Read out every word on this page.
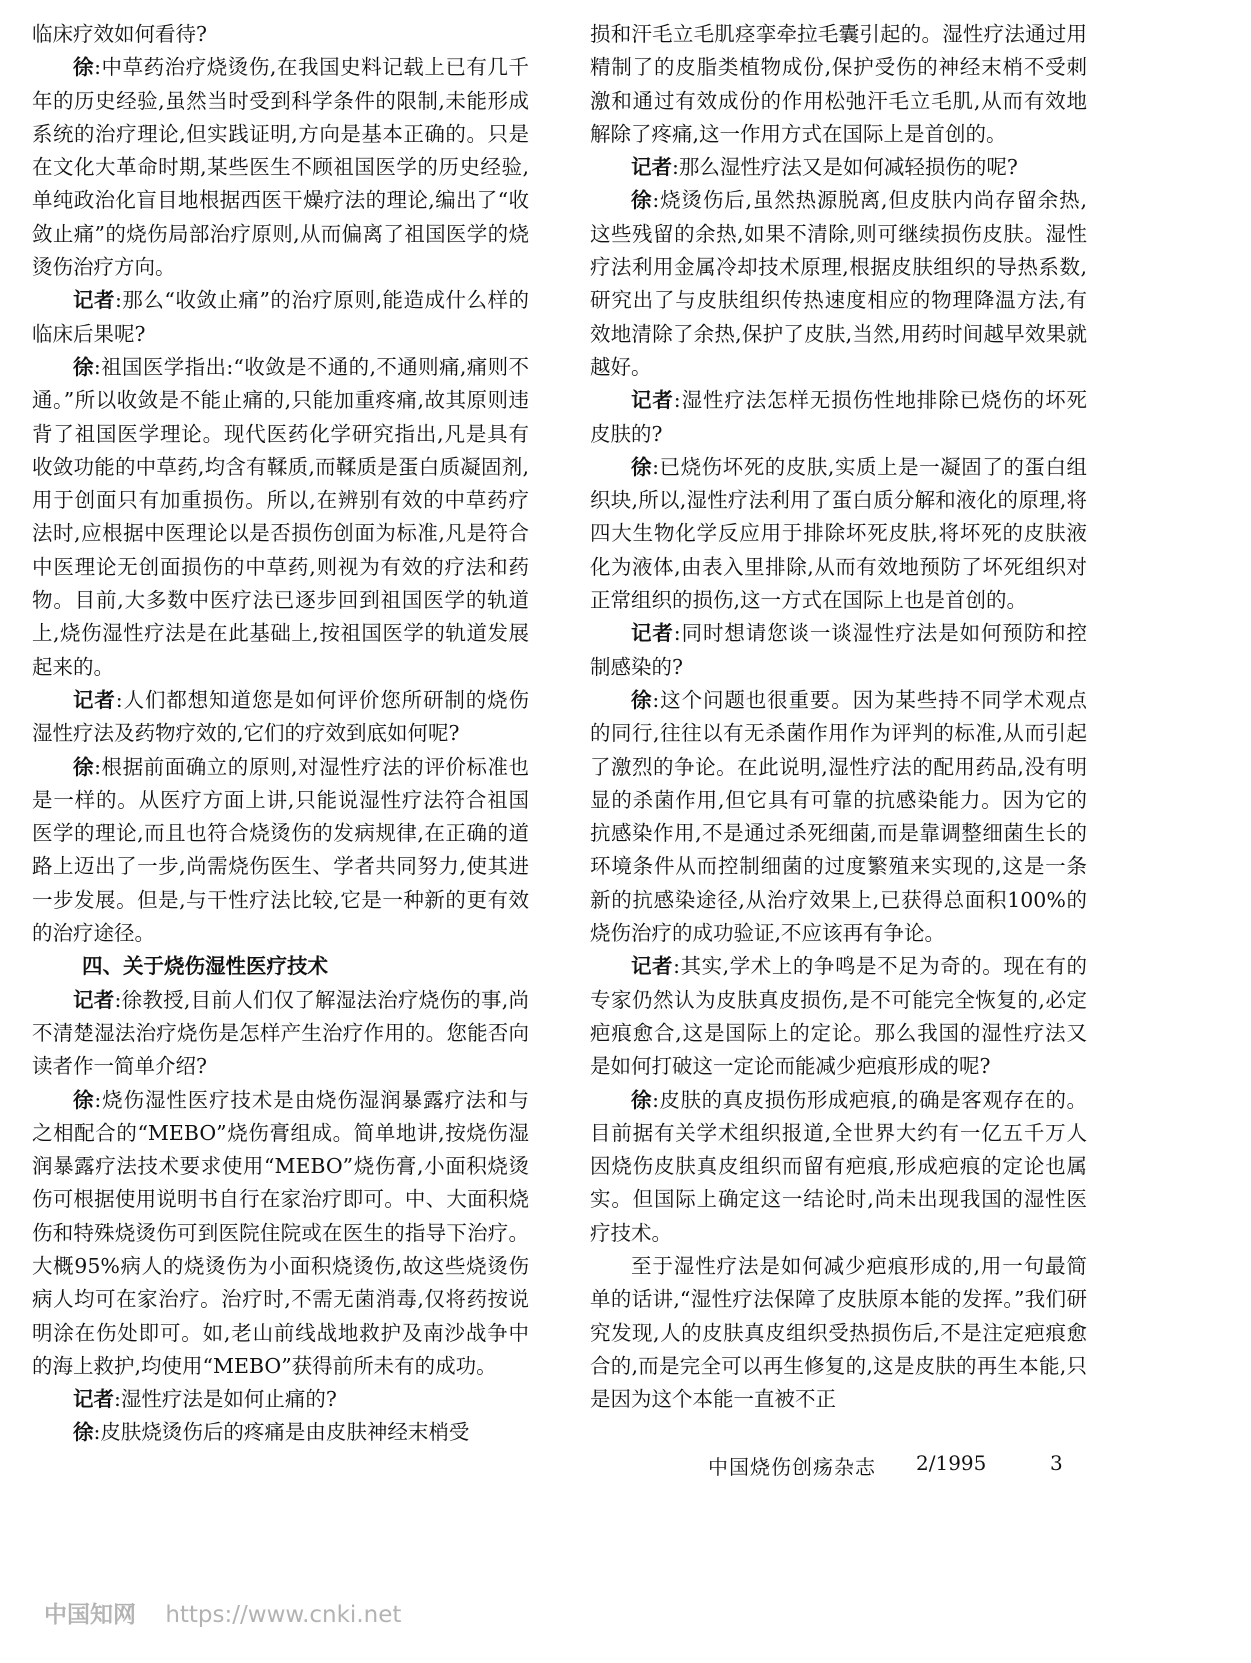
临床疗效如何看待?

徐:中草药治疗烧烫伤,在我国史料记载上已有几千年的历史经验,虽然当时受到科学条件的限制,未能形成系统的治疗理论,但实践证明,方向是基本正确的。只是在文化大革命时期,某些医生不顾祖国医学的历史经验,单纯政治化盲目地根据西医干燥疗法的理论,编出了“收敛止痛”的烧伤局部治疗原则,从而偏离了祖国医学的烧烫伤治疗方向。

记者:那么“收敛止痛”的治疗原则,能造成什么样的临床后果呢?

徐:祖国医学指出:“收敛是不通的,不通则痛,痛则不通。”所以收敛是不能止痛的,只能加重疼痛,故其原则违背了祖国医学理论。现代医药化学研究指出,凡是具有收敛功能的中草药,均含有鞣质,而鞣质是蛋白质凝固剂,用于创面只有加重损伤。所以,在辨别有效的中草药疗法时,应根据中医理论以是否损伤创面为标准,凡是符合中医理论无创面损伤的中草药,则视为有效的疗法和药物。目前,大多数中医疗法已逐步回到祖国医学的轨道上,烧伤湿性疗法是在此基础上,按祖国医学的轨道发展起来的。

记者:人们都想知道您是如何评价您所研制的烧伤湿性疗法及药物疗效的,它们的疗效到底如何呢?

徐:根据前面确立的原则,对湿性疗法的评价标准也是一样的。从医疗方面上讲,只能说湿性疗法符合祖国医学的理论,而且也符合烧烫伤的发病规律,在正确的道路上迈出了一步,尚需烧伤医生、学者共同努力,使其进一步发展。但是,与干性疗法比较,它是一种新的更有效的治疗途径。

四、关于烧伤湿性医疗技术

记者:徐教授,目前人们仅了解湿法治疗烧伤的事,尚不清楚湿法治疗烧伤是怎样产生治疗作用的。您能否向读者作一简单介绍?

徐:烧伤湿性医疗技术是由烧伤湿润暴露疗法和与之相配合的“MEBO”烧伤膏组成。简单地讲,按烧伤湿润暴露疗法技术要求使用“MEBO”烧伤膏,小面积烧烫伤可根据使用说明书自行在家治疗即可。中、大面积烧伤和特殊烧烫伤可到医院住院或在医生的指导下治疗。大概95%病人的烧烫伤为小面积烧烫伤,故这些烧烫伤病人均可在家治疗。治疗时,不需无菌消毒,仅将药按说明涂在伤处即可。如,老山前线战地救护及南沙战争中的海上救护,均使用“MEBO”获得前所未有的成功。

记者:湿性疗法是如何止痛的?

徐:皮肤烧烫伤后的疼痛是由皮肤神经末梢受

损和汗毛立毛肌痉挛牵拉毛囊引起的。湿性疗法通过用精制了的皮脂类植物成份,保护受伤的神经末梢不受刺激和通过有效成份的作用松弛汗毛立毛肌,从而有效地解除了疼痛,这一作用方式在国际上是首创的。

记者:那么湿性疗法又是如何减轻损伤的呢?

徐:烧烫伤后,虽然热源脱离,但皮肤内尚存留余热,这些残留的余热,如果不清除,则可继续损伤皮肤。湿性疗法利用金属冷却技术原理,根据皮肤组织的导热系数,研究出了与皮肤组织传热速度相应的物理降温方法,有效地清除了余热,保护了皮肤,当然,用药时间越早效果就越好。

记者:湿性疗法怎样无损伤性地排除已烧伤的坏死皮肤的?

徐:已烧伤坏死的皮肤,实质上是一凝固了的蛋白组织块,所以,湿性疗法利用了蛋白质分解和液化的原理,将四大生物化学反应用于排除坏死皮肤,将坏死的皮肤液化为液体,由表入里排除,从而有效地预防了坏死组织对正常组织的损伤,这一方式在国际上也是首创的。

记者:同时想请您谈一谈湿性疗法是如何预防和控制感染的?

徐:这个问题也很重要。因为某些持不同学术观点的同行,往往以有无杀菌作用作为评判的标准,从而引起了激烈的争论。在此说明,湿性疗法的配用药品,没有明显的杀菌作用,但它具有可靠的抗感染能力。因为它的抗感染作用,不是通过杀死细菌,而是靠调整细菌生长的环境条件从而控制细菌的过度繁殖来实现的,这是一条新的抗感染途径,从治疗效果上,已获得总面积100%的烧伤治疗的成功验证,不应该再有争论。

记者:其实,学术上的争鸣是不足为奇的。现在有的专家仍然认为皮肤真皮损伤,是不可能完全恢复的,必定疤痕愈合,这是国际上的定论。那么我国的湿性疗法又是如何打破这一定论而能减少疤痕形成的呢?

徐:皮肤的真皮损伤形成疤痕,的确是客观存在的。目前据有关学术组织报道,全世界大约有一亿五千万人因烧伤皮肤真皮组织而留有疤痕,形成疤痕的定论也属实。但国际上确定这一结论时,尚未出现我国的湿性医疗技术。

至于湿性疗法是如何减少疤痕形成的,用一句最简单的话讲,“湿性疗法保障了皮肤原本能的发挥。”我们研究发现,人的皮肤真皮组织受热损伤后,不是注定疤痕愈合的,而是完全可以再生修复的,这是皮肤的再生本能,只是因为这个本能一直被不正

中国烧伤创疡杂志 2/1995	3
中国知网 https://www.cnki.net
